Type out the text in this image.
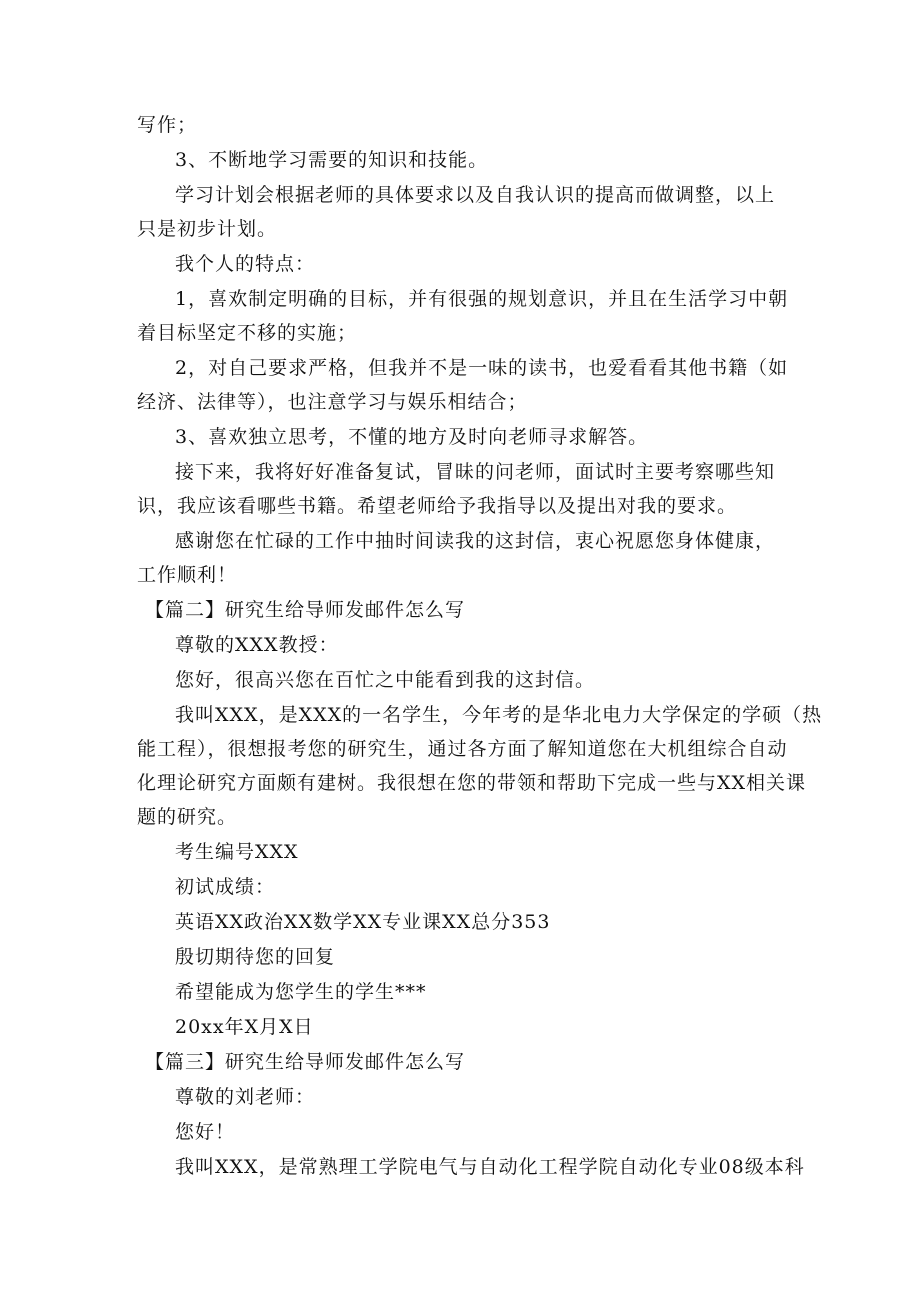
写作；

3、不断地学习需要的知识和技能。

学习计划会根据老师的具体要求以及自我认识的提高而做调整，以上

只是初步计划。

我个人的特点：

1，喜欢制定明确的目标，并有很强的规划意识，并且在生活学习中朝

着目标坚定不移的实施；

2，对自己要求严格，但我并不是一味的读书，也爱看看其他书籍（如

经济、法律等），也注意学习与娱乐相结合；

3、喜欢独立思考，不懂的地方及时向老师寻求解答。

接下来，我将好好准备复试，冒昧的问老师，面试时主要考察哪些知

识，我应该看哪些书籍。希望老师给予我指导以及提出对我的要求。

感谢您在忙碌的工作中抽时间读我的这封信，衷心祝愿您身体健康，

工作顺利！

【篇二】研究生给导师发邮件怎么写

尊敬的XXX教授：

您好，很高兴您在百忙之中能看到我的这封信。

我叫XXX，是XXX的一名学生，今年考的是华北电力大学保定的学硕（热

能工程），很想报考您的研究生，通过各方面了解知道您在大机组综合自动

化理论研究方面颇有建树。我很想在您的带领和帮助下完成一些与XX相关课

题的研究。

考生编号XXX

初试成绩：

英语XX政治XX数学XX专业课XX总分353

殷切期待您的回复

希望能成为您学生的学生***

20xx年X月X日

【篇三】研究生给导师发邮件怎么写

尊敬的刘老师：

您好！

我叫XXX，是常熟理工学院电气与自动化工程学院自动化专业08级本科
